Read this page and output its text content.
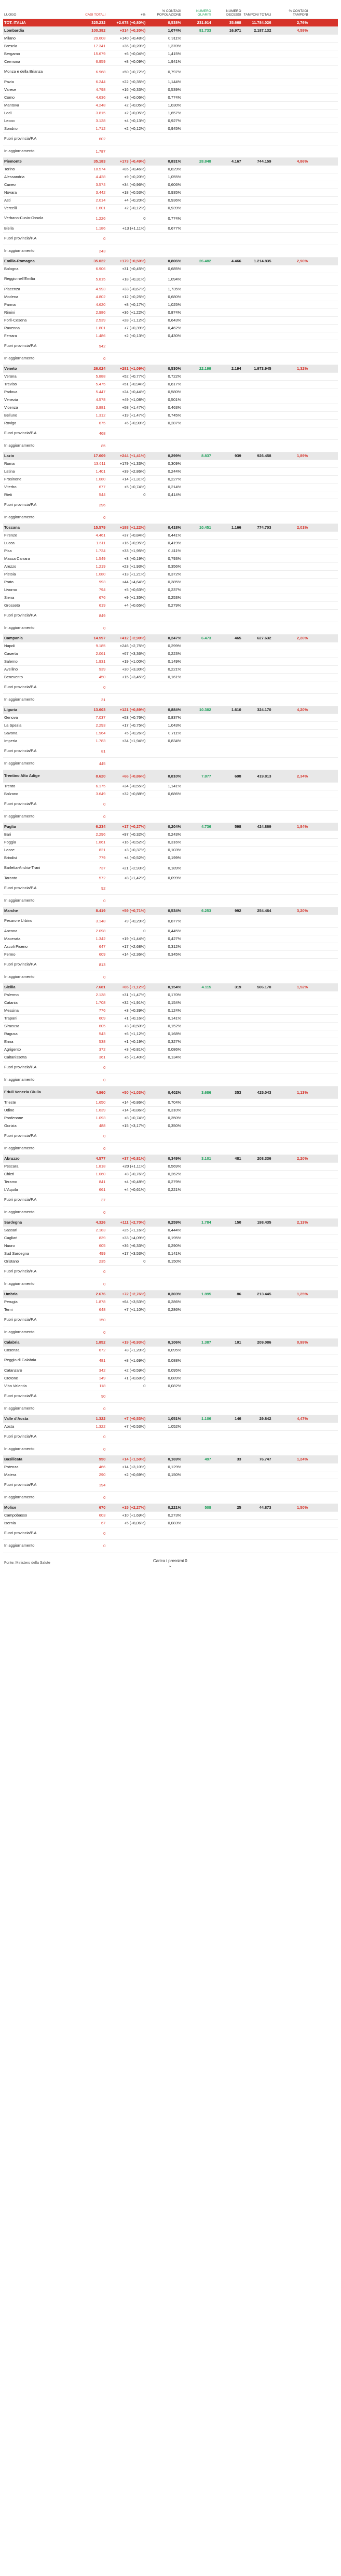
LUOGO	CASI TOTALI	+%	% CONTAGI POPOLAZIONE	NUMERO GUARITI	NUMERO DECESSI	TAMPONI TOTALI	% CONTAGI TAMPONI	
TOT. ITALIA	325.232	+2.678 (+0,80%)	0,538%	231.914	35.668	11.784.026	2,76%	
Lombardia	100.392	+314 (+0,30%)	1,074%	81.733	16.971	2.187.132	4,59%	
Milano	29.608	+140 (+0,48%)	0,911%					
Brescia	17.341	+36 (+0,20%)	1,370%					
Bergamo	15.679	+6 (+0,04%)	1,415%					
Cremona	6.959	+8 (+0,09%)	1,941%					
Monza e della Brianza	6.968	+50 (+0,72%)	0,797%					
Pavia	6.244	+22 (+0,35%)	1,144%					
Varese	4.798	+16 (+0,33%)	0,539%					
Como	4.636	+3 (+0,06%)	0,774%					
Mantova	4.248	+2 (+0,05%)	1,030%					
Lodi	3.815	+2 (+0,05%)	1,657%					
Lecco	3.128	+4 (+0,13%)	0,927%					
Sondrio	1.712	+2 (+0,12%)	0,945%					
Fuori provincia/P.A	602							
In aggiornamento	1.787							
Piemonte	35.183	+173 (+0,49%)	0,831%	28.848	4.167	744.159	4,86%	
Torino	18.574	+85 (+0,46%)	0,829%					
Alessandria	4.428	+9 (+0,20%)	1,055%					
Cuneo	3.574	+34 (+0,96%)	0,606%					
Novara	3.442	+18 (+0,53%)	0,935%					
Asti	2.014	+4 (+0,20%)	0,936%					
Vercelli	1.601	+2 (+0,12%)	0,939%					
Verbano-Cusio-Ossola	1.226	0	0,774%					
Biella	1.186	+13 (+1,11%)	0,677%					
Fuori provincia/P.A	0							
In aggiornamento	243							
Emilia-Romagna	35.022	+179 (+0,50%)	0,806%	26.482	4.466	1.214.835	2,96%	
Bologna	6.906	+31 (+0,45%)	0,685%					
Reggio nell'Emilia	5.815	+18 (+0,31%)	1,094%					
Piacenza	4.993	+33 (+0,67%)	1,735%					
Modena	4.802	+12 (+0,25%)	0,680%					
Parma	4.620	+8 (+0,17%)	1,025%					
Rimini	2.986	+36 (+1,22%)	0,874%					
Forlì-Cesena	2.539	+28 (+1,12%)	0,643%					
Ravenna	1.801	+7 (+0,39%)	0,462%					
Ferrara	1.486	+2 (+0,13%)	0,430%					
Fuori provincia/P.A	942							
In aggiornamento	0							
Veneto	26.024	+281 (+1,09%)	0,530%	22.199	2.194	1.973.945	1,32%	
Verona	5.888	+52 (+0,77%)	0,722%					
Treviso	5.475	+51 (+0,94%)	0,617%					
Padova	5.447	+24 (+0,44%)	0,580%					
Venezia	4.578	+49 (+1,08%)	0,501%					
Vicenza	3.881	+58 (+1,47%)	0,463%					
Belluno	1.312	+19 (+1,47%)	0,745%					
Rovigo	675	+6 (+0,90%)	0,287%					
Fuori provincia/P.A	468							
In aggiornamento	85							
Lazio	17.609	+244 (+1,41%)	0,299%	8.837	939	926.458	1,89%	
Roma	13.611	+179 (+1,33%)	0,309%					
Latina	1.401	+39 (+2,86%)	0,244%					
Frosinone	1.080	+14 (+1,31%)	0,227%					
Viterbo	677	+5 (+0,74%)	0,214%					
Rieti	544	0	0,414%					
Fuori provincia/P.A	296							
In aggiornamento	0							
Toscana	15.579	+188 (+1,22%)	0,418%	10.451	1.166	774.703	2,01%	
Firenze	4.461	+37 (+0,84%)	0,441%					
Lucca	1.611	+16 (+0,95%)	0,419%					
Pisa	1.724	+33 (+1,95%)	0,411%					
Massa Carrara	1.549	+3 (+0,19%)	0,793%					
Arezzo	1.219	+23 (+1,93%)	0,356%					
Pistoia	1.080	+13 (+1,21%)	0,372%					
Prato	993	+44 (+4,64%)	0,385%					
Livorno	794	+5 (+0,63%)	0,237%					
Siena	676	+9 (+1,35%)	0,253%					
Grosseto	619	+4 (+0,65%)	0,279%					
Fuori provincia/P.A	849							
In aggiornamento	0							
Campania	14.597	+412 (+2,90%)	0,247%	6.473	465	627.632	2,26%	
Napoli	9.185	+246 (+2,75%)	0,299%					
Caserta	2.061	+67 (+3,36%)	0,223%					
Salerno	1.931	+19 (+1,00%)	0,149%					
Avellino	939	+30 (+3,30%)	0,221%					
Benevento	450	+15 (+3,45%)	0,161%					
Fuori provincia/P.A	0							
In aggiornamento	31							
Liguria	13.603	+121 (+0,89%)	0,884%	10.382	1.610	324.170	4,20%	
Genova	7.037	+53 (+0,76%)	0,837%					
La Spezia	2.293	+17 (+0,75%)	1,043%					
Savona	1.964	+5 (+0,26%)	0,711%					
Imperia	1.783	+34 (+1,94%)	0,834%					
Fuori provincia/P.A	81							
In aggiornamento	445							
Trentino Alto Adige	8.620	+66 (+0,86%)	0,810%	7.877	698	419.813	2,34%	
Trento	6.175	+34 (+0,55%)	1,141%					
Bolzano	3.649	+32 (+0,88%)	0,686%					
Fuori provincia/P.A	0							
In aggiornamento	0							
Puglia	6.234	+17 (+0,27%)	0,204%	4.736	598	424.869	1,84%	
Bari	2.296	+97 (+0,32%)	0,243%					
Foggia	1.861	+16 (+0,52%)	0,316%					
Lecce	821	+3 (+0,37%)	0,103%					
Brindisi	779	+4 (+0,52%)	0,199%					
Barletta-Andria-Trani	737	+21 (+2,93%)	0,189%					
Taranto	572	+8 (+1,42%)	0,099%					
Fuori provincia/P.A	92							
In aggiornamento	0							
Marche	8.419	+59 (+0,71%)	0,534%	6.253	992	254.464	3,20%	
Pesaro e Urbino	3.148	+9 (+0,29%)	0,877%					
Ancona	2.098	0	0,445%					
Macerata	1.342	+19 (+1,44%)	0,427%					
Ascoli Piceno	647	+17 (+2,68%)	0,312%					
Fermo	609	+14 (+2,36%)	0,345%					
Fuori provincia/P.A	813							
In aggiornamento	0							
Sicilia	7.681	+85 (+1,12%)	0,154%	4.115	319	506.170	1,52%	
Palermo	2.138	+31 (+1,47%)	0,170%					
Catania	1.708	+32 (+1,91%)	0,154%					
Messina	776	+3 (+0,39%)	0,124%					
Trapani	609	+1 (+0,16%)	0,141%					
Siracusa	605	+3 (+0,50%)	0,152%					
Ragusa	543	+6 (+1,12%)	0,168%					
Enna	538	+1 (+0,19%)	0,327%					
Agrigento	372	+3 (+0,81%)	0,086%					
Caltanissetta	361	+5 (+1,40%)	0,134%					
Fuori provincia/P.A	0							
In aggiornamento	0							
Friuli Venezia Giulia	4.860	+50 (+1,03%)	0,402%	3.686	353	425.043	1,13%	
Trieste	1.650	+14 (+0,86%)	0,704%					
Udine	1.639	+14 (+0,86%)	0,310%					
Pordenone	1.093	+8 (+0,74%)	0,350%					
Gorizia	488	+15 (+3,17%)	0,350%					
Fuori provincia/P.A	0							
In aggiornamento	0							
Abruzzo	4.577	+37 (+0,81%)	0,349%	3.101	481	208.336	2,20%	
Pescara	1.818	+20 (+1,11%)	0,569%					
Chieti	1.060	+8 (+0,76%)	0,262%					
Teramo	841	+4 (+0,48%)	0,279%					
L'Aquila	661	+4 (+0,61%)	0,221%					
Fuori provincia/P.A	37							
In aggiornamento	0							
Sardegna	4.326	+111 (+2,70%)	0,259%	1.784	150	198.435	2,13%	
Sassari	2.183	+25 (+1,16%)	0,444%					
Cagliari	839	+33 (+4,09%)	0,195%					
Nuoro	605	+36 (+6,33%)	0,290%					
Sud Sardegna	499	+17 (+3,53%)	0,141%					
Oristano	235	0	0,150%					
Fuori provincia/P.A	0							
In aggiornamento	0							
Umbria	2.676	+72 (+2,76%)	0,303%	1.895	86	213.445	1,25%	
Perugia	1.878	+64 (+3,53%)	0,286%					
Terni	648	+7 (+1,10%)	0,286%					
Fuori provincia/P.A	150							
In aggiornamento	0							
Calabria	1.852	+19 (+0,93%)	0,106%	1.387	101	209.086	0,99%	
Cosenza	672	+8 (+1,20%)	0,095%					
Reggio di Calabria	481	+8 (+1,69%)	0,088%					
Catanzaro	342	+2 (+0,59%)	0,095%					
Crotone	149	+1 (+0,68%)	0,089%					
Vibo Valentia	118	0	0,082%					
Fuori provincia/P.A	90							
In aggiornamento	0							
Valle d'Aosta	1.322	+7 (+0,53%)	1,051%	1.106	146	29.842	4,47%	
Aosta	1.322	+7 (+0,53%)	1,052%					
Fuori provincia/P.A	0							
In aggiornamento	0							
Basilicata	950	+14 (+1,50%)	0,169%	497	33	76.747	1,24%	
Potenza	466	+14 (+3,10%)	0,129%					
Matera	290	+2 (+0,69%)	0,150%					
Fuori provincia/P.A	194							
In aggiornamento	0							
Molise	670	+15 (+2,27%)	0,221%	508	25	44.873	1,50%	
Campobasso	603	+10 (+1,69%)	0,273%					
Isernia	67	+5 (+8,06%)	0,083%					
Fuori provincia/P.A	0							
In aggiornamento	0							
Fonte: Ministero della Salute	Carica i prossimi 0
⌄
